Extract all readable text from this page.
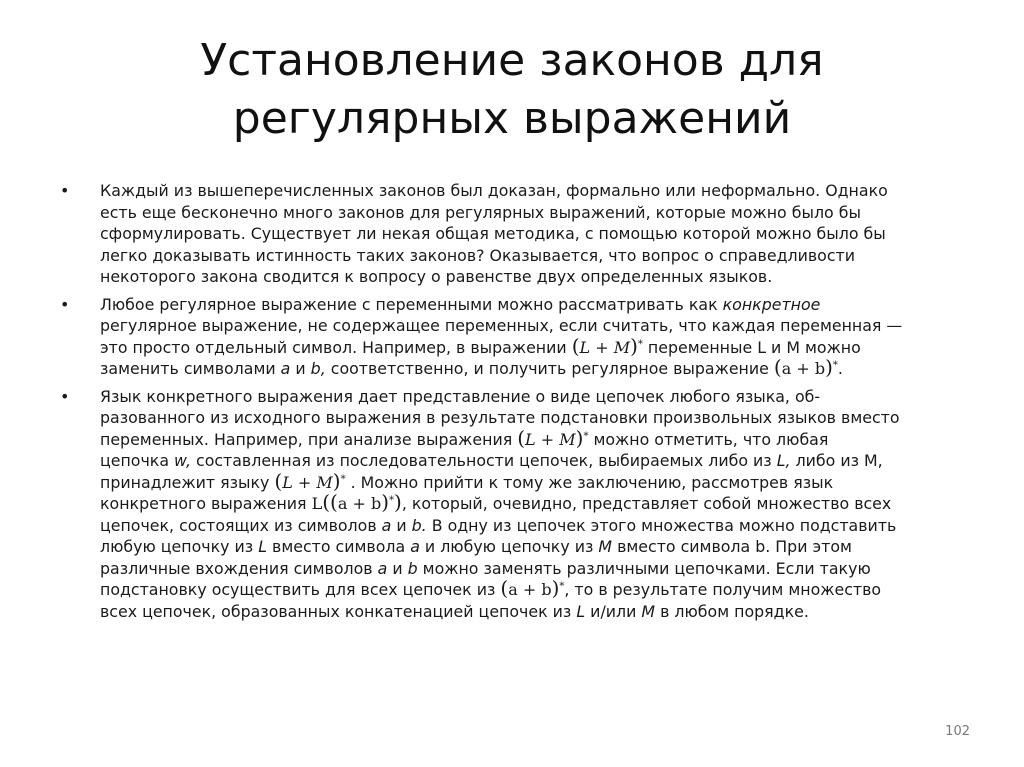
Установление законов для
регулярных выражений
• Каждый из вышеперечисленных законов был доказан, формально или неформально. Однако
есть еще бесконечно много законов для регулярных выражений, которые можно было бы
сформулировать. Существует ли некая общая методика, с помощью которой можно было бы
легко доказывать истинность таких законов? Оказывается, что вопрос о справедливости
некоторого закона сводится к вопросу о равенстве двух определенных языков.
• Любое регулярное выражение с переменными можно рассматривать как конкретное
регулярное выражение, не содержащее переменных, если считать, что каждая переменная —
это просто отдельный символ. Например, в выражении (L + M)* переменные L и M можно
заменить символами a и b, соответственно, и получить регулярное выражение (a + b)*.
• Язык конкретного выражения дает представление о виде цепочек любого языка, об-
разованного из исходного выражения в результате подстановки произвольных языков вместо
переменных. Например, при анализе выражения (L + M)* можно отметить, что любая
цепочка w, составленная из последовательности цепочек, выбираемых либо из L, либо из М,
принадлежит языку (L + M)* . Можно прийти к тому же заключению, рассмотрев язык
конкретного выражения L((a + b)*), который, очевидно, представляет собой множество всех
цепочек, состоящих из символов a и b. В одну из цепочек этого множества можно подставить
любую цепочку из L вместо символа a и любую цепочку из M вместо символа b. При этом
различные вхождения символов a и b можно заменять различными цепочками. Если такую
подстановку осуществить для всех цепочек из (a + b)*, то в результате получим множество
всех цепочек, образованных конкатенацией цепочек из L и/или M в любом порядке.
102
